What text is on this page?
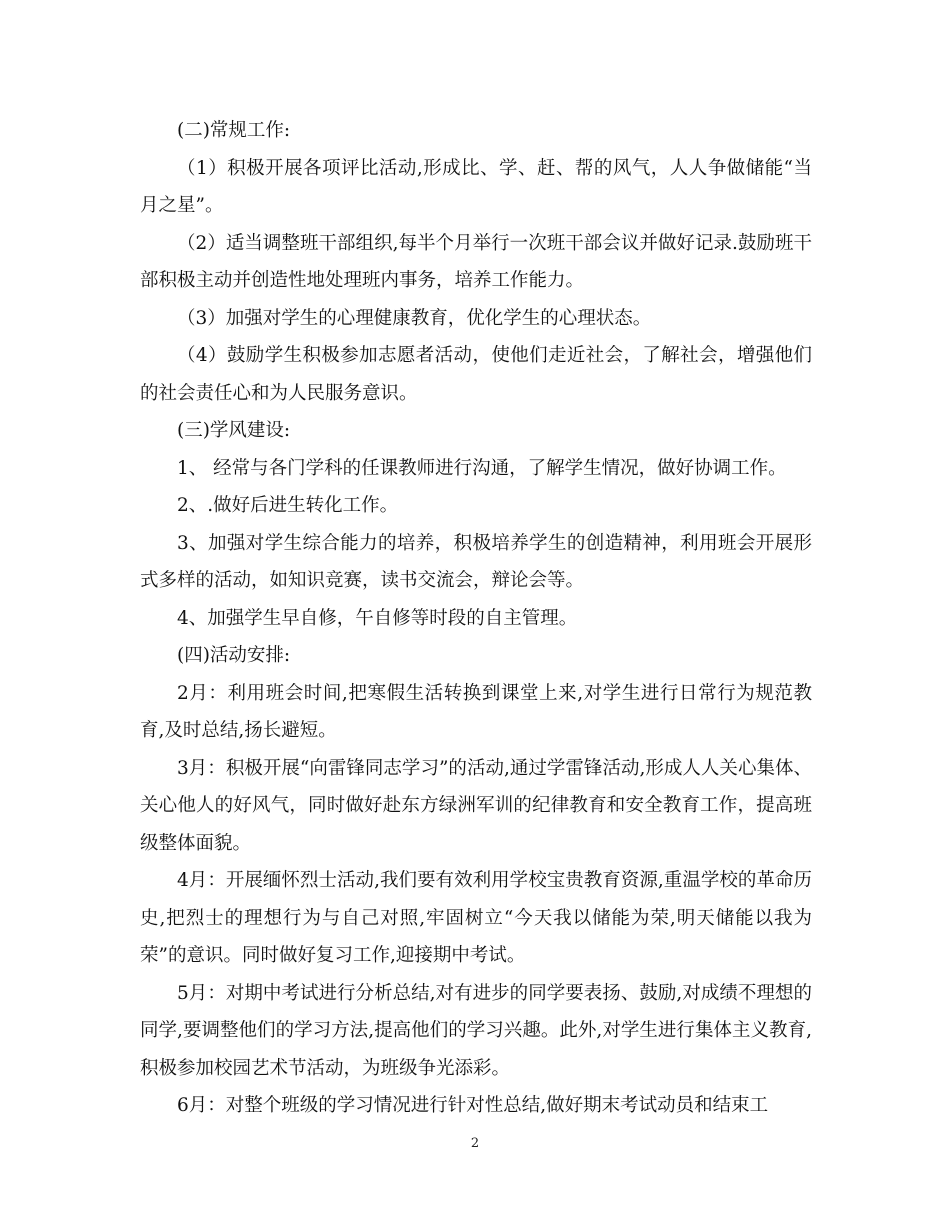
(二)常规工作:

（1）积极开展各项评比活动,形成比、学、赶、帮的风气，人人争做储能“当月之星”。

（2）适当调整班干部组织,每半个月举行一次班干部会议并做好记录.鼓励班干部积极主动并创造性地处理班内事务，培养工作能力。

（3）加强对学生的心理健康教育，优化学生的心理状态。

（4）鼓励学生积极参加志愿者活动，使他们走近社会，了解社会，增强他们的社会责任心和为人民服务意识。

(三)学风建设:

1、 经常与各门学科的任课教师进行沟通，了解学生情况，做好协调工作。

2、.做好后进生转化工作。

3、加强对学生综合能力的培养，积极培养学生的创造精神，利用班会开展形式多样的活动，如知识竞赛，读书交流会，辩论会等。

4、加强学生早自修，午自修等时段的自主管理。

(四)活动安排:

2月：利用班会时间,把寒假生活转换到课堂上来,对学生进行日常行为规范教育,及时总结,扬长避短。

3月：积极开展“向雷锋同志学习”的活动,通过学雷锋活动,形成人人关心集体、关心他人的好风气，同时做好赴东方绿洲军训的纪律教育和安全教育工作，提高班级整体面貌。

4月：开展缅怀烈士活动,我们要有效利用学校宝贵教育资源,重温学校的革命历史,把烈士的理想行为与自己对照,牢固树立“今天我以储能为荣,明天储能以我为荣”的意识。同时做好复习工作,迎接期中考试。

5月：对期中考试进行分析总结,对有进步的同学要表扬、鼓励,对成绩不理想的同学,要调整他们的学习方法,提高他们的学习兴趣。此外,对学生进行集体主义教育,积极参加校园艺术节活动，为班级争光添彩。

6月：对整个班级的学习情况进行针对性总结,做好期末考试动员和结束工

2
